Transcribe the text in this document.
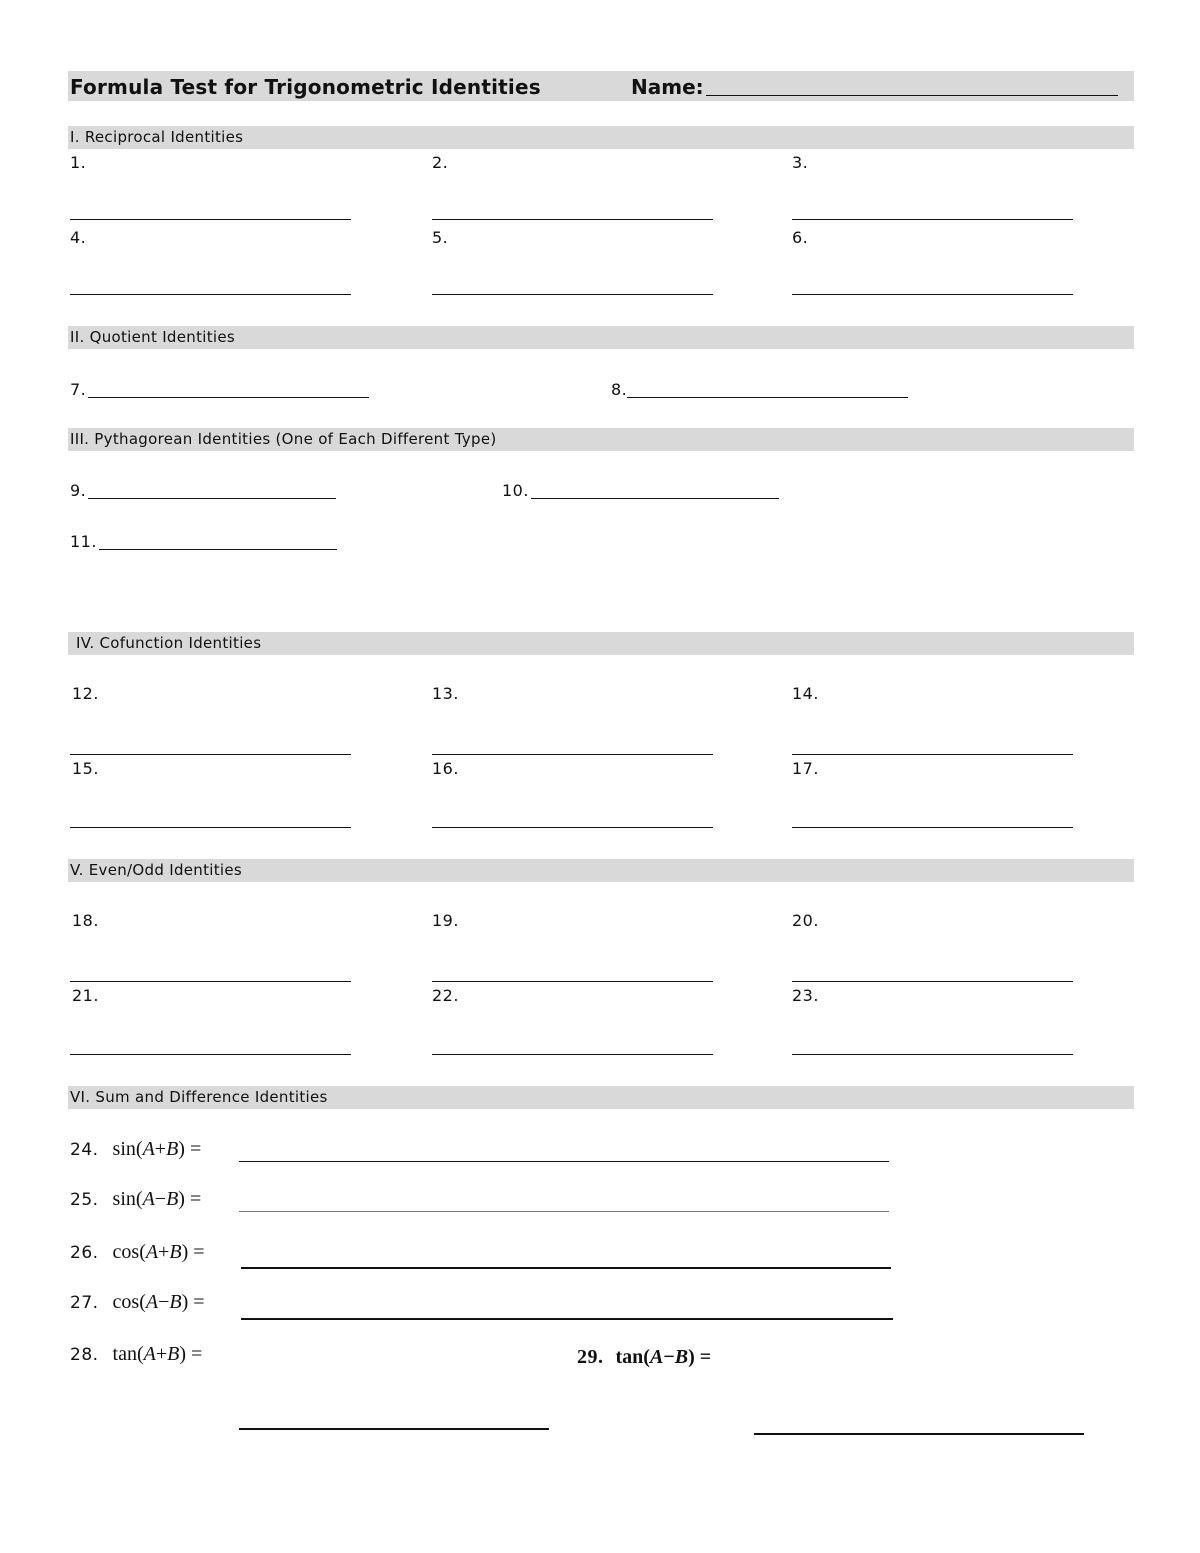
Formula Test for Trigonometric Identities	Name:
I. Reciprocal Identities
1.	2.	3.
4.	5.	6.
II. Quotient Identities
7.	8.
III. Pythagorean Identities (One of Each Different Type)
9.	10.
11.
IV. Cofunction Identities
12.	13.	14.
15.	16.	17.
V. Even/Odd Identities
18.	19.	20.
21.	22.	23.
VI. Sum and Difference Identities
24. sin(A+B) =
25. sin(A−B) =
26. cos(A+B) =
27. cos(A−B) =
28. tan(A+B) =	29. tan(A−B) =
